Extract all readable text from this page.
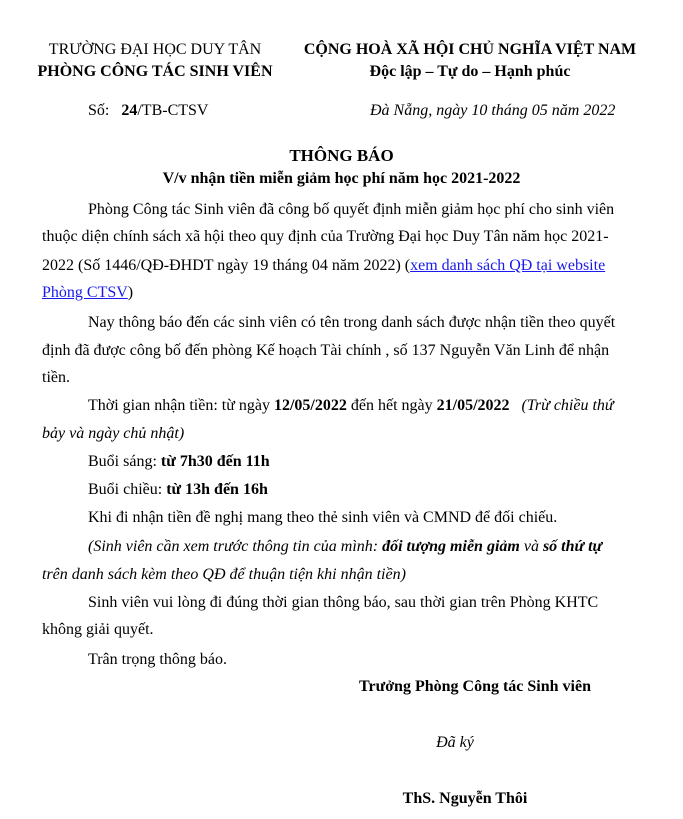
TRƯỜNG ĐẠI HỌC DUY TÂN
PHÒNG CÔNG TÁC SINH VIÊN
CỘNG HOÀ XÃ HỘI CHỦ NGHĨA VIỆT NAM
Độc lập – Tự do – Hạnh phúc
Số: 24/TB-CTSV	Đà Nẵng, ngày 10 tháng 05 năm 2022
THÔNG BÁO
V/v nhận tiền miễn giảm học phí năm học 2021-2022
Phòng Công tác Sinh viên đã công bố quyết định miễn giảm học phí cho sinh viên
thuộc diện chính sách xã hội theo quy định của Trường Đại học Duy Tân năm học 2021-
2022 (Số 1446/QĐ-ĐHDT ngày 19 tháng 04 năm 2022) (xem danh sách QĐ tại website
Phòng CTSV)
Nay thông báo đến các sinh viên có tên trong danh sách được nhận tiền theo quyết
định đã được công bố đến phòng Kế hoạch Tài chính , số 137 Nguyễn Văn Linh để nhận
tiền.
Thời gian nhận tiền: từ ngày 12/05/2022 đến hết ngày 21/05/2022 (Trừ chiều thứ
bảy và ngày chủ nhật)
Buổi sáng: từ 7h30 đến 11h
Buổi chiều: từ 13h đến 16h
Khi đi nhận tiền đề nghị mang theo thẻ sinh viên và CMND để đối chiếu.
(Sinh viên cần xem trước thông tin của mình: đối tượng miễn giảm và số thứ tự
trên danh sách kèm theo QĐ để thuận tiện khi nhận tiền)
Sinh viên vui lòng đi đúng thời gian thông báo, sau thời gian trên Phòng KHTC
không giải quyết.
Trân trọng thông báo.
Trưởng Phòng Công tác Sinh viên
Đã ký
ThS. Nguyễn Thôi
